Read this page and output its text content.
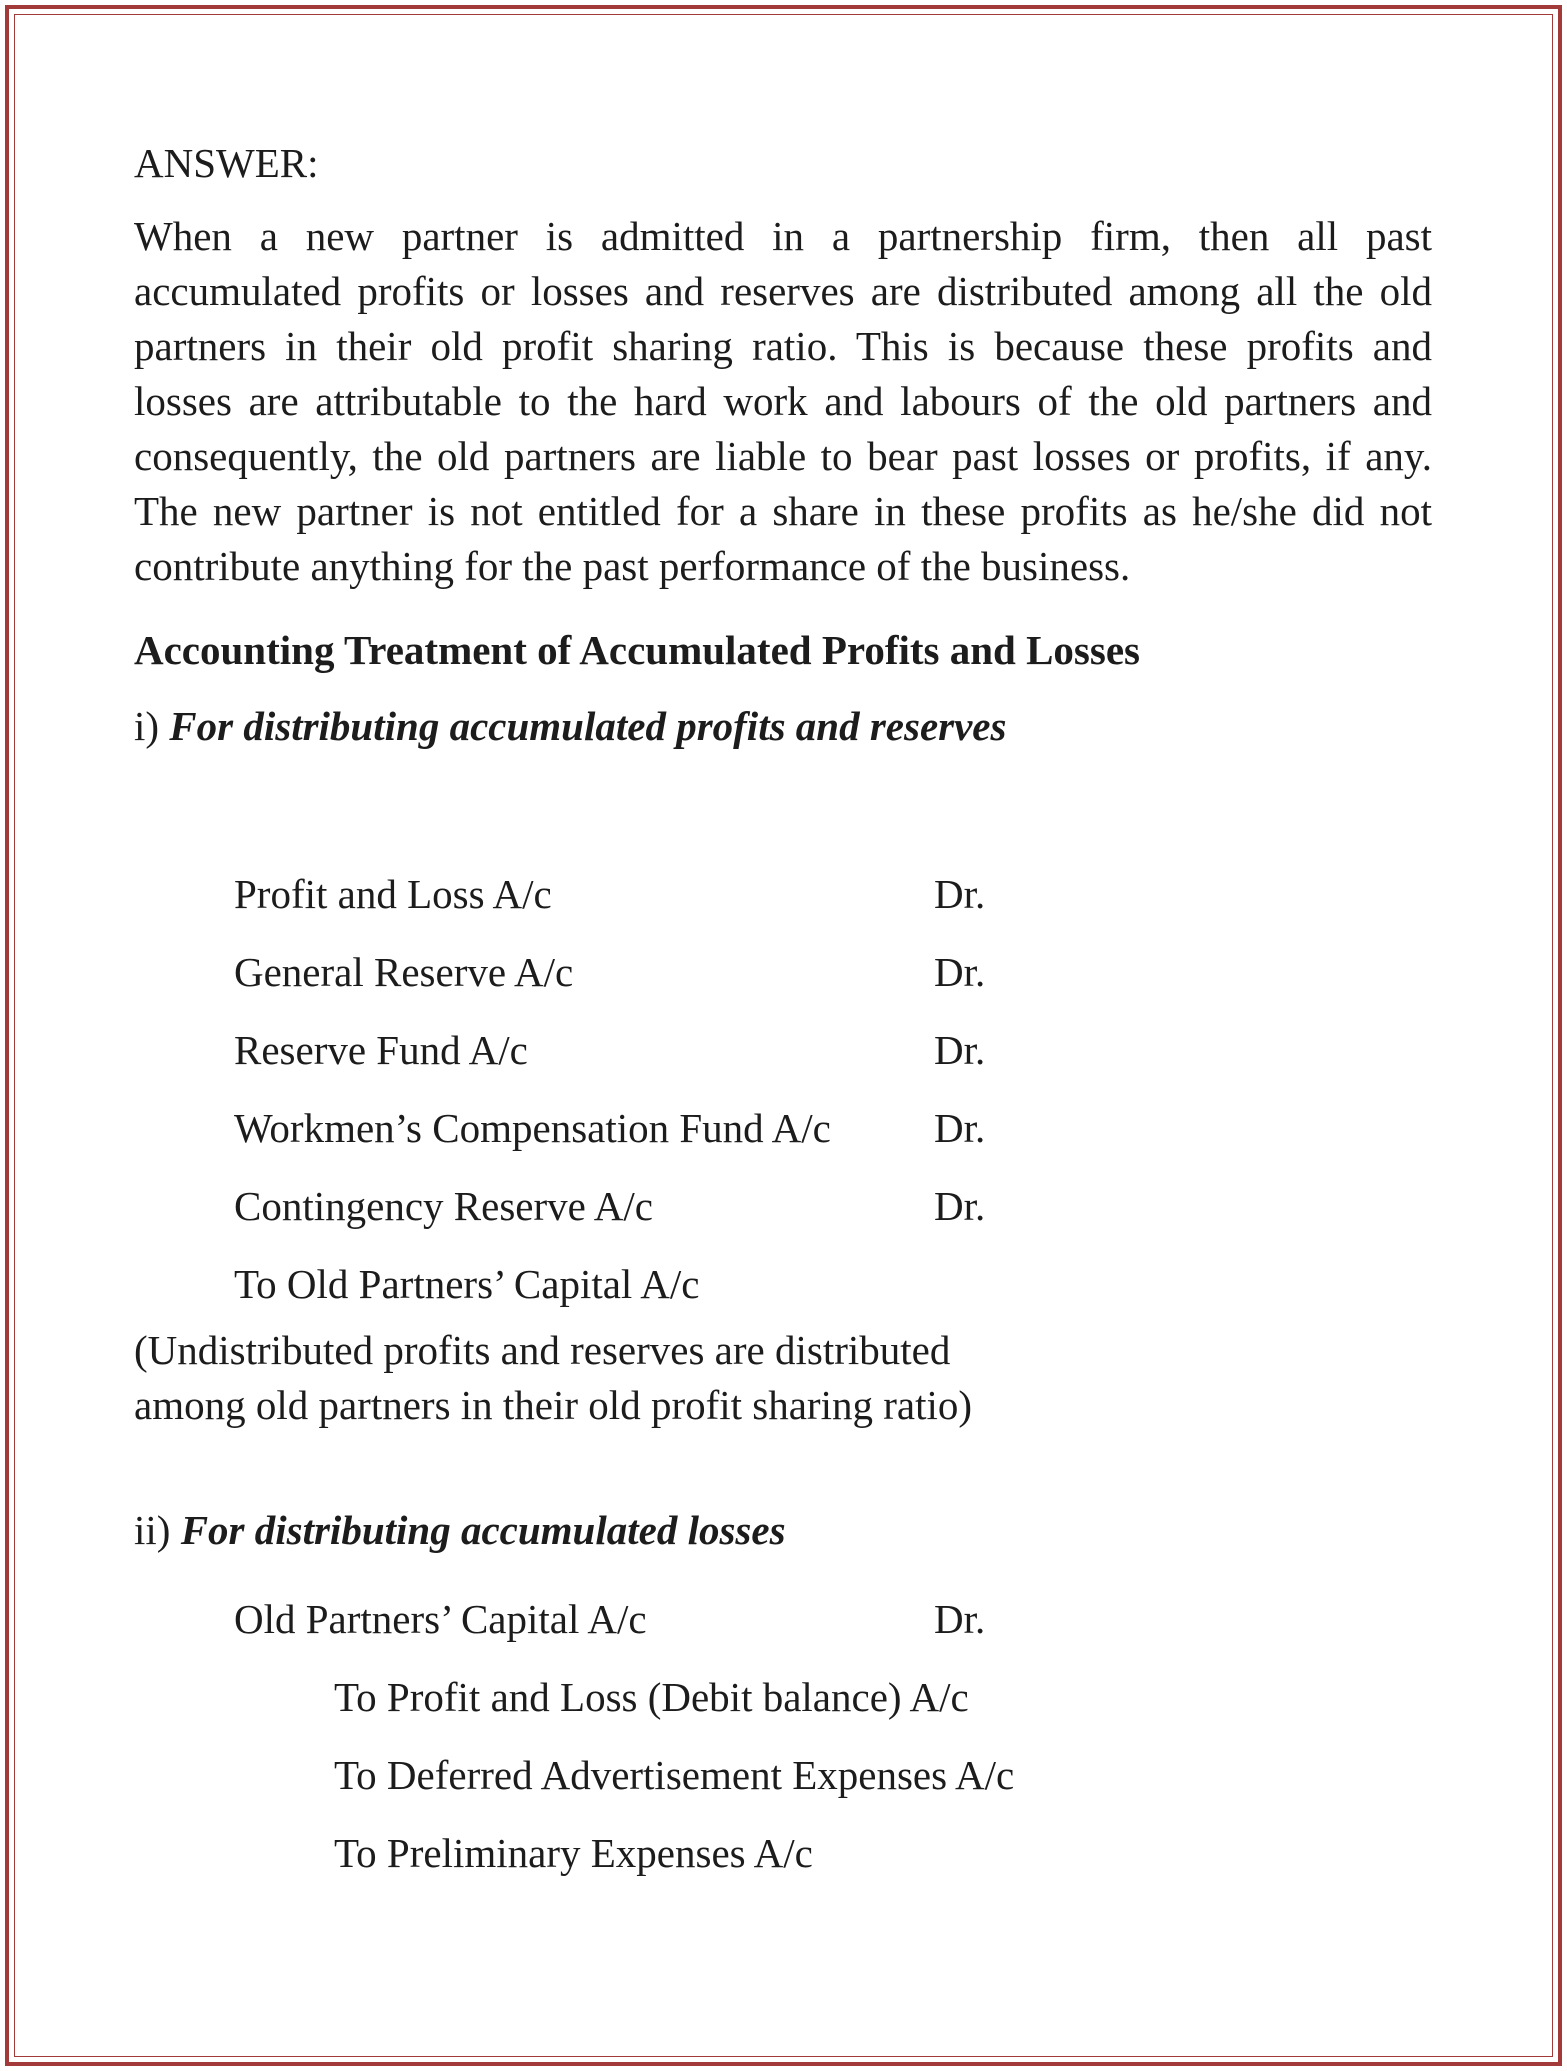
ANSWER:

When a new partner is admitted in a partnership firm, then all past accumulated profits or losses and reserves are distributed among all the old partners in their old profit sharing ratio. This is because these profits and losses are attributable to the hard work and labours of the old partners and consequently, the old partners are liable to bear past losses or profits, if any. The new partner is not entitled for a share in these profits as he/she did not contribute anything for the past performance of the business.

Accounting Treatment of Accumulated Profits and Losses

i) For distributing accumulated profits and reserves

Profit and Loss A/c	Dr.
General Reserve A/c	Dr.
Reserve Fund A/c	Dr.
Workmen’s Compensation Fund A/c	Dr.
Contingency Reserve A/c	Dr.
To Old Partners’ Capital A/c

(Undistributed profits and reserves are distributed

among old partners in their old profit sharing ratio)

ii) For distributing accumulated losses

Old Partners’ Capital A/c	Dr.
To Profit and Loss (Debit balance) A/c
To Deferred Advertisement Expenses A/c
To Preliminary Expenses A/c
